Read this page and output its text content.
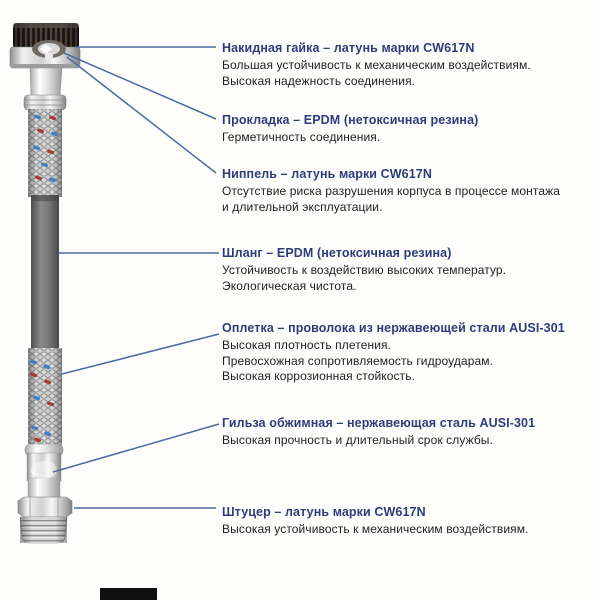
Накидная гайка – латунь марки CW617N

Большая устойчивость к механическим воздействиям.

Высокая надежность соединения.

Прокладка – EPDM (нетоксичная резина)

Герметичность соединения.

Ниппель – латунь марки CW617N

Отсутствие риска разрушения корпуса в процессе монтажа

и длительной эксплуатации.

Шланг – EPDM (нетоксичная резина)

Устойчивость к воздействию высоких температур.

Экологическая чистота.

Оплетка – проволока из нержавеющей стали AUSI-301

Высокая плотность плетения.

Превосхожная сопротивляемость гидроударам.

Высокая коррозионная стойкость.

Гильза обжимная – нержавеющая сталь AUSI-301

Высокая прочность и длительный срок службы.

Штуцер – латунь марки CW617N

Высокая устойчивость к механическим воздействиям.
